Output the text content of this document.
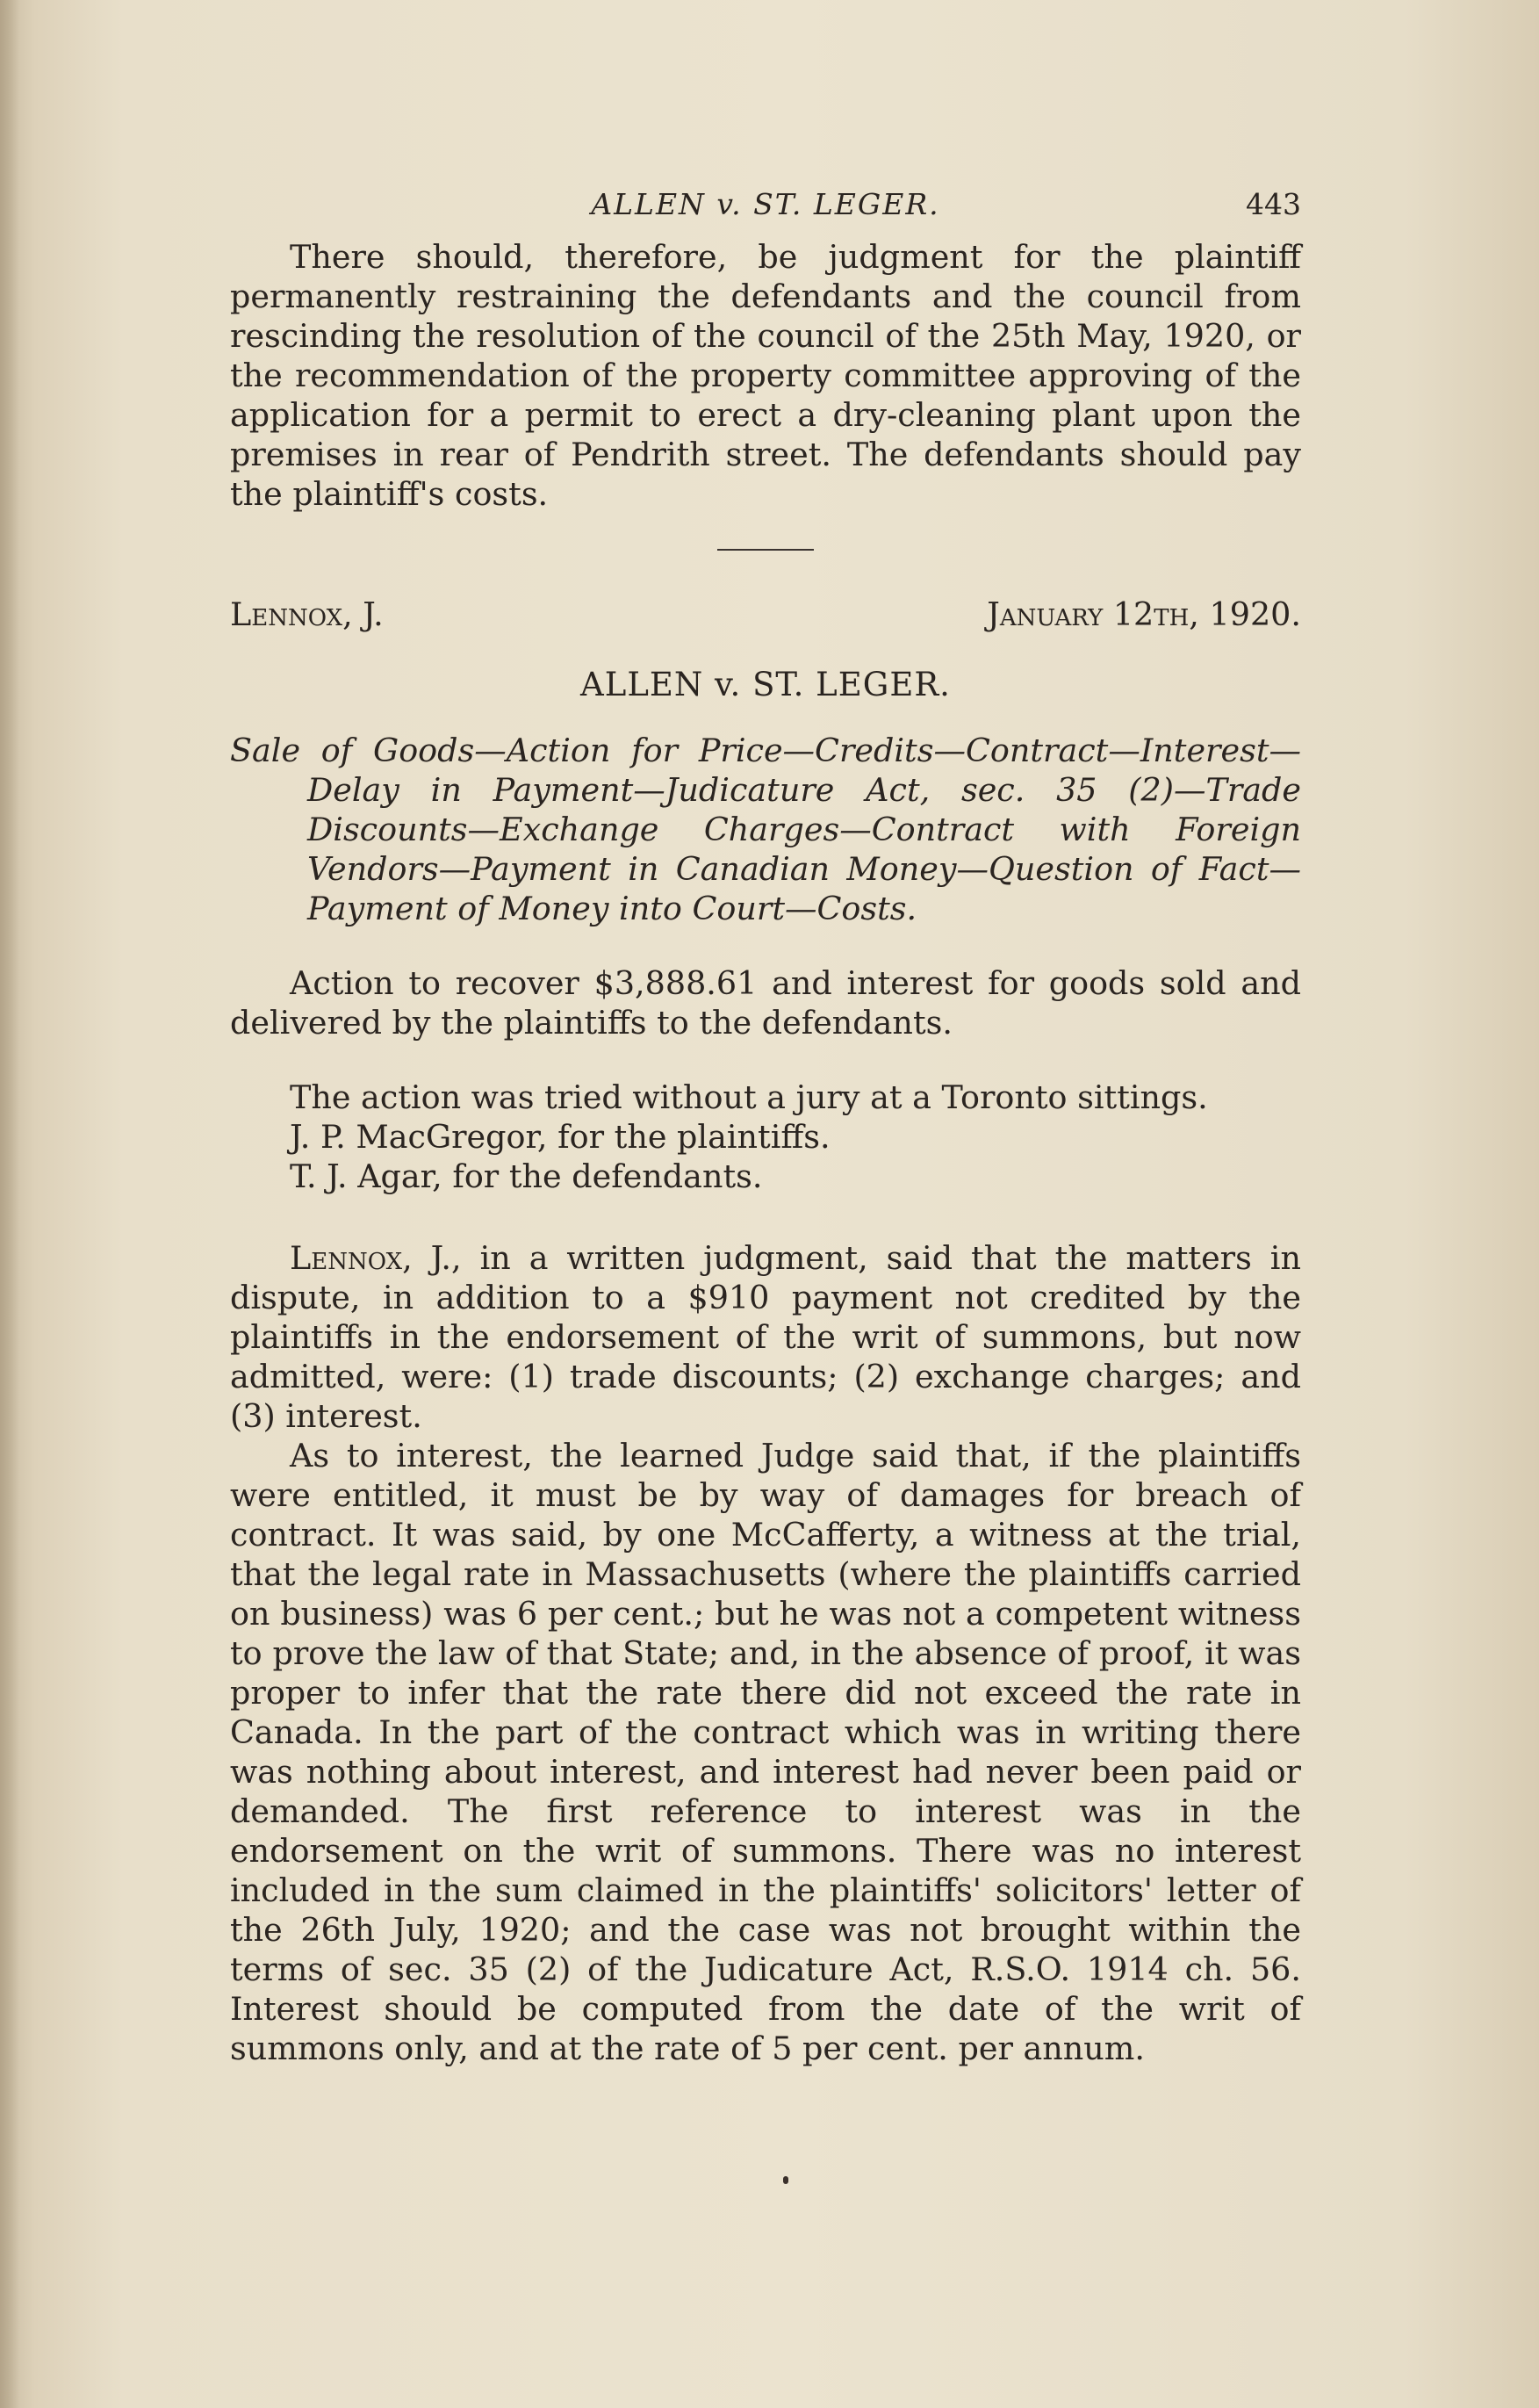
ALLEN v. ST. LEGER.	443

There should, therefore, be judgment for the plaintiff permanently restraining the defendants and the council from rescinding the resolution of the council of the 25th May, 1920, or the recommendation of the property committee approving of the application for a permit to erect a dry-cleaning plant upon the premises in rear of Pendrith street. The defendants should pay the plaintiff's costs.

Lennox, J.	January 12th, 1920.
ALLEN v. ST. LEGER.

Sale of Goods—Action for Price—Credits—Contract—Interest—Delay in Payment—Judicature Act, sec. 35 (2)—Trade Discounts—Exchange Charges—Contract with Foreign Vendors—Payment in Canadian Money—Question of Fact—Payment of Money into Court—Costs.

Action to recover $3,888.61 and interest for goods sold and delivered by the plaintiffs to the defendants.

The action was tried without a jury at a Toronto sittings.

J. P. MacGregor, for the plaintiffs.

T. J. Agar, for the defendants.

Lennox, J., in a written judgment, said that the matters in dispute, in addition to a $910 payment not credited by the plaintiffs in the endorsement of the writ of summons, but now admitted, were: (1) trade discounts; (2) exchange charges; and (3) interest.

As to interest, the learned Judge said that, if the plaintiffs were entitled, it must be by way of damages for breach of contract. It was said, by one McCafferty, a witness at the trial, that the legal rate in Massachusetts (where the plaintiffs carried on business) was 6 per cent.; but he was not a competent witness to prove the law of that State; and, in the absence of proof, it was proper to infer that the rate there did not exceed the rate in Canada. In the part of the contract which was in writing there was nothing about interest, and interest had never been paid or demanded. The first reference to interest was in the endorsement on the writ of summons. There was no interest included in the sum claimed in the plaintiffs' solicitors' letter of the 26th July, 1920; and the case was not brought within the terms of sec. 35 (2) of the Judicature Act, R.S.O. 1914 ch. 56. Interest should be computed from the date of the writ of summons only, and at the rate of 5 per cent. per annum.
